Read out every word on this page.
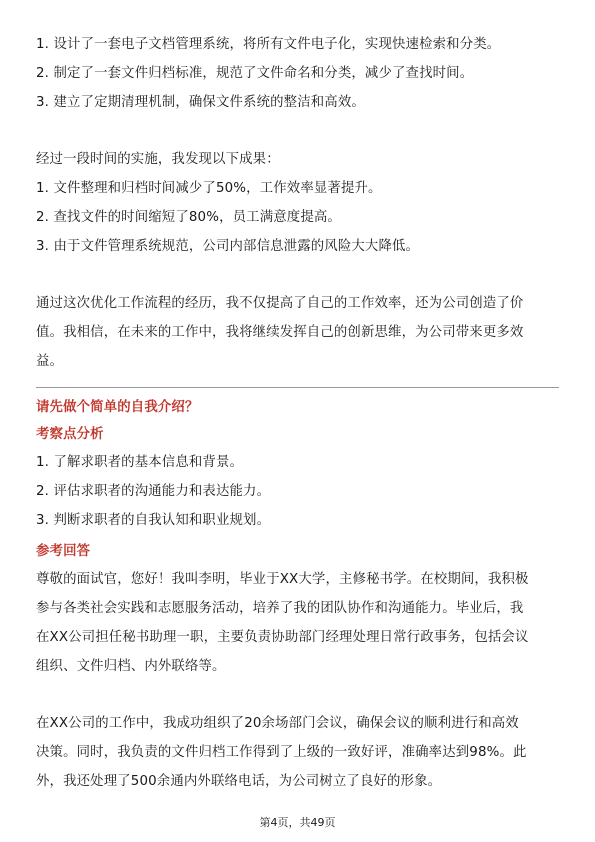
1. 设计了一套电子文档管理系统，将所有文件电子化，实现快速检索和分类。
2. 制定了一套文件归档标准，规范了文件命名和分类，减少了查找时间。
3. 建立了定期清理机制，确保文件系统的整洁和高效。
经过一段时间的实施，我发现以下成果：
1. 文件整理和归档时间减少了50%，工作效率显著提升。
2. 查找文件的时间缩短了80%，员工满意度提高。
3. 由于文件管理系统规范，公司内部信息泄露的风险大大降低。
通过这次优化工作流程的经历，我不仅提高了自己的工作效率，还为公司创造了价
值。我相信，在未来的工作中，我将继续发挥自己的创新思维，为公司带来更多效
益。
请先做个简单的自我介绍？
考察点分析
1. 了解求职者的基本信息和背景。
2. 评估求职者的沟通能力和表达能力。
3. 判断求职者的自我认知和职业规划。
参考回答
尊敬的面试官，您好！我叫李明，毕业于XX大学，主修秘书学。在校期间，我积极
参与各类社会实践和志愿服务活动，培养了我的团队协作和沟通能力。毕业后，我
在XX公司担任秘书助理一职，主要负责协助部门经理处理日常行政事务，包括会议
组织、文件归档、内外联络等。
在XX公司的工作中，我成功组织了20余场部门会议，确保会议的顺利进行和高效
决策。同时，我负责的文件归档工作得到了上级的一致好评，准确率达到98%。此
外，我还处理了500余通内外联络电话，为公司树立了良好的形象。
第4页，共49页
